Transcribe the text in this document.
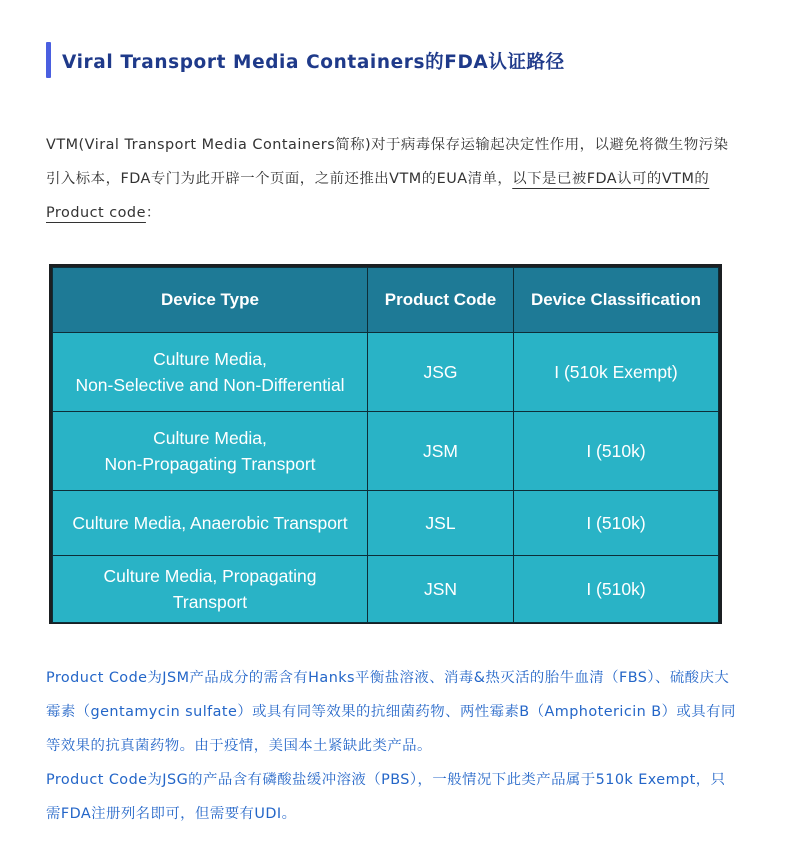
Viral Transport Media Containers的FDA认证路径
VTM(Viral Transport Media Containers简称)对于病毒保存运输起决定性作用，以避免将微生物污染引入标本，FDA专门为此开辟一个页面，之前还推出VTM的EUA清单，以下是已被FDA认可的VTM的Product code：
Device Type	Product Code	Device Classification

Culture Media,
Non-Selective and Non-Differential	JSG	I (510k Exempt)

Culture Media,
Non-Propagating Transport	JSM	I (510k)

Culture Media, Anaerobic Transport	JSL	I (510k)

Culture Media, Propagating
Transport	JSN	I (510k)

Product Code为JSM产品成分的需含有Hanks平衡盐溶液、消毒&热灭活的胎牛血清（FBS）、硫酸庆大霉素（gentamycin sulfate）或具有同等效果的抗细菌药物、两性霉素B（Amphotericin B）或具有同等效果的抗真菌药物。由于疫情，美国本土紧缺此类产品。

Product Code为JSG的产品含有磷酸盐缓冲溶液（PBS），一般情况下此类产品属于510k Exempt，只需FDA注册列名即可，但需要有UDI。
